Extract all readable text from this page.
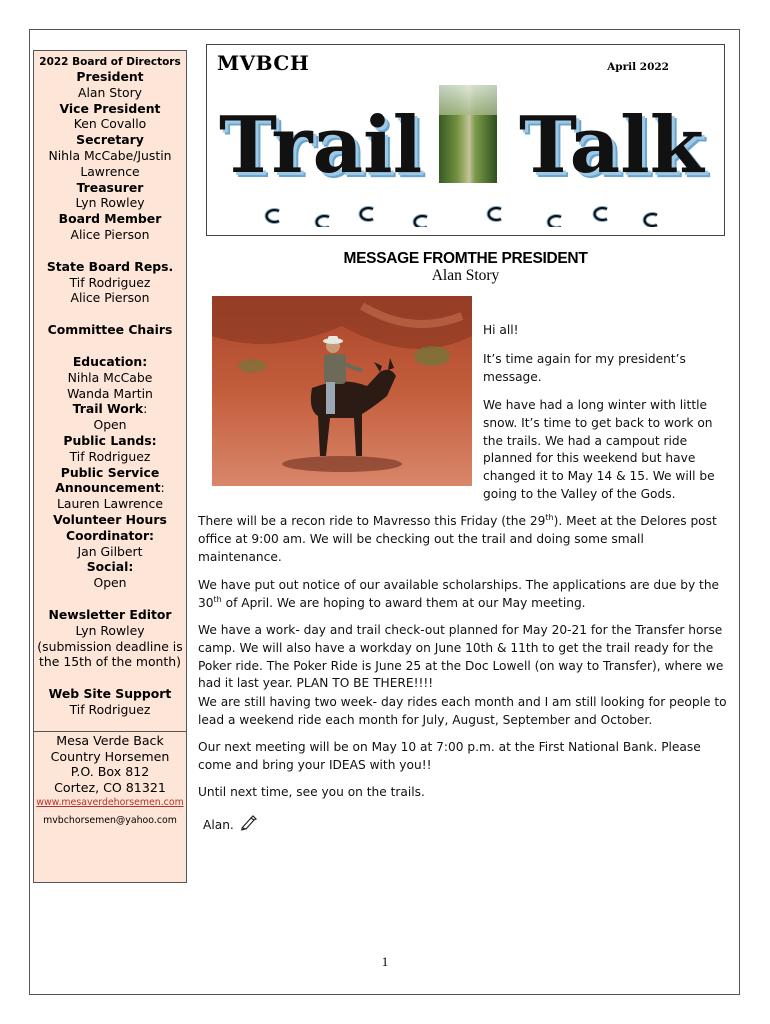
2022 Board of Directors
President
Alan Story
Vice President
Ken Covallo
Secretary
Nihla McCabe/Justin
Lawrence
Treasurer
Lyn Rowley
Board Member
Alice Pierson
State Board Reps.
Tif Rodriguez
Alice Pierson
Committee Chairs
Education:
Nihla McCabe
Wanda Martin
Trail Work:
Open
Public Lands:
Tif Rodriguez
Public Service
Announcement:
Lauren Lawrence
Volunteer Hours
Coordinator:
Jan Gilbert
Social:
Open
Newsletter Editor
Lyn Rowley
(submission deadline is
the 15th of the month)
Web Site Support
Tif Rodriguez
Mesa Verde Back
Country Horsemen
P.O. Box 812
Cortez, CO 81321
www.mesaverdehorsemen.com
mvbchorsemen@yahoo.com
MVBCH	April 2022
Trail Talk
MESSAGE FROMTHE PRESIDENT
Alan Story

Hi all!

It’s time again for my president’s message.

We have had a long winter with little snow. It’s time to get back to work on the trails. We had a campout ride planned for this weekend but have changed it to May 14 & 15. We will be going to the Valley of the Gods.

There will be a recon ride to Mavresso this Friday (the 29th). Meet at the Delores post office at 9:00 am. We will be checking out the trail and doing some small maintenance.

We have put out notice of our available scholarships. The applications are due by the 30th of April. We are hoping to award them at our May meeting.

We have a work- day and trail check-out planned for May 20-21 for the Transfer horse camp. We will also have a workday on June 10th & 11th to get the trail ready for the Poker ride. The Poker Ride is June 25 at the Doc Lowell (on way to Transfer), where we had it last year. PLAN TO BE THERE!!!!

We are still having two week- day rides each month and I am still looking for people to lead a weekend ride each month for July, August, September and October.

Our next meeting will be on May 10 at 7:00 p.m. at the First National Bank. Please come and bring your IDEAS with you!!

Until next time, see you on the trails.

Alan.

1
